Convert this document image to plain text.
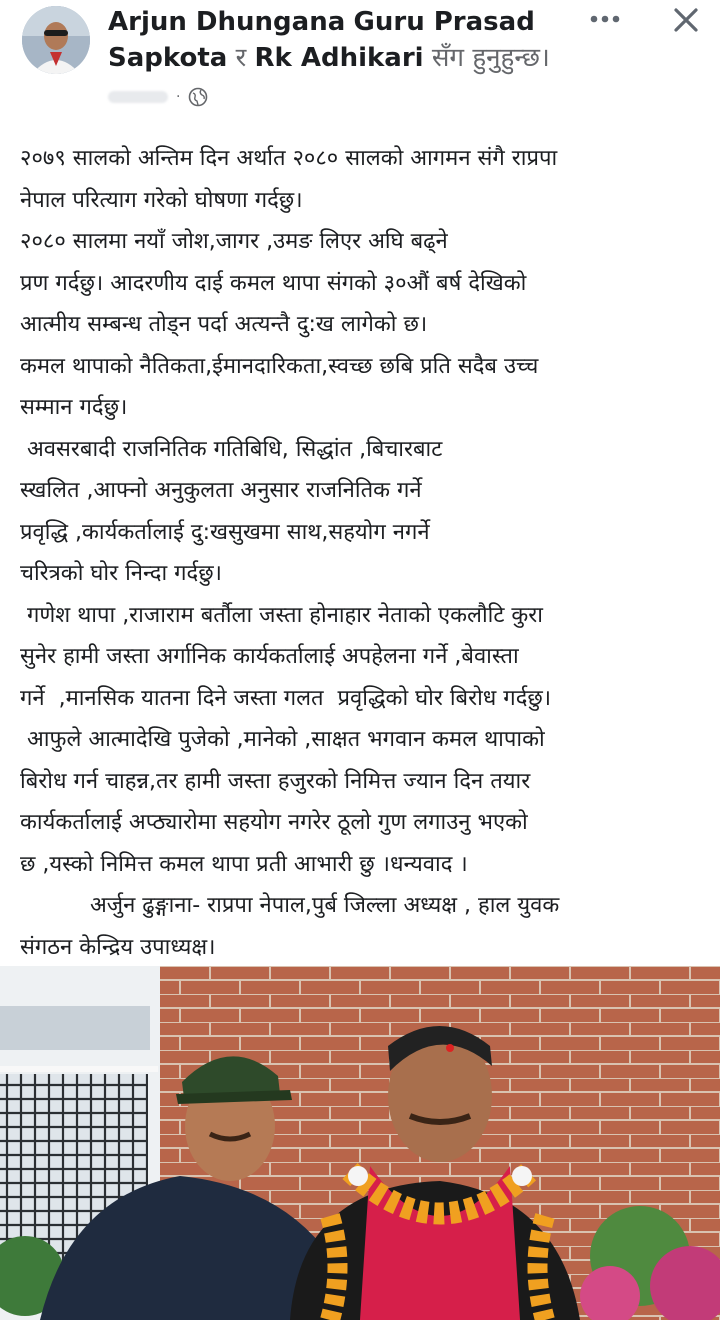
Arjun Dhungana Guru Prasad Sapkota र Rk Adhikari सँग हुनुहुन्छ।
·

२०७९ सालको अन्तिम दिन अर्थात २०८० सालको आगमन संगै राप्रपा

नेपाल परित्याग गरेको घोषणा गर्दछु।

२०८० सालमा नयाँ जोश,जागर ,उमङ लिएर अघि बढ्ने

प्रण गर्दछु। आदरणीय दाई कमल थापा संगको ३०औं बर्ष देखिको

आत्मीय सम्बन्ध तोड्न पर्दा अत्यन्तै दु:ख लागेको छ।

कमल थापाको नैतिकता,ईमानदारिकता,स्वच्छ छबि प्रति सदैब उच्च

सम्मान गर्दछु।

अवसरबादी राजनितिक गतिबिधि, सिद्धांत ,बिचारबाट

स्खलित ,आफ्नो अनुकुलता अनुसार राजनितिक गर्ने

प्रवृद्धि ,कार्यकर्तालाई दु:खसुखमा साथ,सहयोग नगर्ने

चरित्रको घोर निन्दा गर्दछु।

गणेश थापा ,राजाराम बर्तौला जस्ता होनाहार नेताको एकलौटि कुरा

सुनेर हामी जस्ता अर्गानिक कार्यकर्तालाई अपहेलना गर्ने ,बेवास्ता

गर्ने  ,मानसिक यातना दिने जस्ता गलत  प्रवृद्धिको घोर बिरोध गर्दछु।

आफुले आत्मादेखि पुजेको ,मानेको ,साक्षत भगवान कमल थापाको

बिरोध गर्न चाहन्न,तर हामी जस्ता हजुरको निमित्त ज्यान दिन तयार

कार्यकर्तालाई अप्ठ्यारोमा सहयोग नगरेर ठूलो गुण लगाउनु भएको

छ ,यस्को निमित्त कमल थापा प्रती आभारी छु ।धन्यवाद ।

अर्जुन ढुङ्गाना- राप्रपा नेपाल,पुर्ब जिल्ला अध्यक्ष , हाल युवक

संगठन केन्द्रिय उपाध्यक्ष।
